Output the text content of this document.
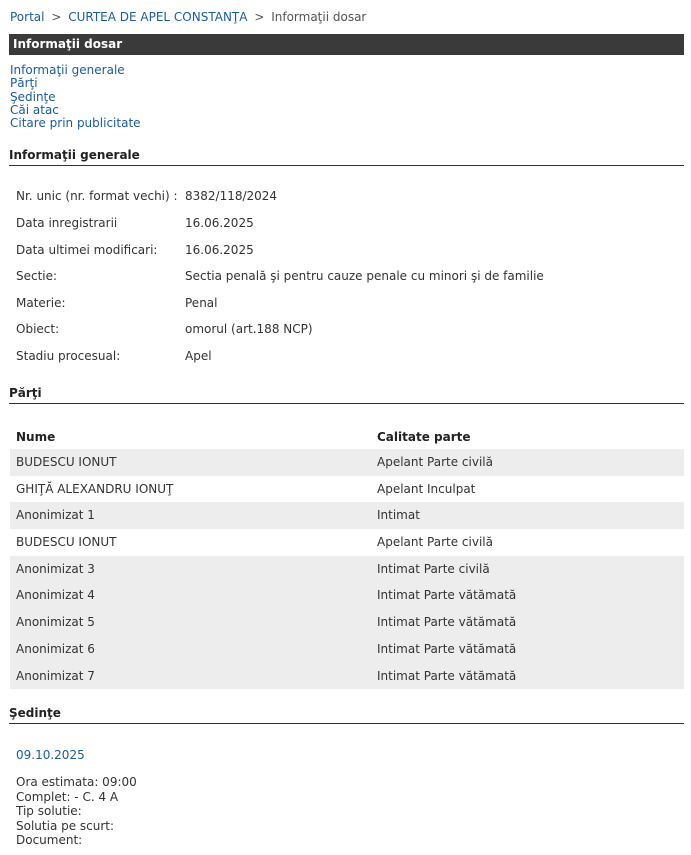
Portal > CURTEA DE APEL CONSTANŢA > Informaţii dosar
Informaţii dosar
Informaţii generale
Părţi
Şedinţe
Căi atac
Citare prin publicitate
Informaţii generale
Nr. unic (nr. format vechi) : 8382/118/2024
Data inregistrarii	16.06.2025
Data ultimei modificari:	16.06.2025
Sectie:	Sectia penală şi pentru cauze penale cu minori şi de familie
Materie:	Penal
Obiect:	omorul (art.188 NCP)
Stadiu procesual:	Apel
Părţi
Nume	Calitate parte
BUDESCU IONUT	Apelant Parte civilă
GHIŢĂ ALEXANDRU IONUŢ	Apelant Inculpat
Anonimizat 1	Intimat
BUDESCU IONUT	Apelant Parte civilă
Anonimizat 3	Intimat Parte civilă
Anonimizat 4	Intimat Parte vătămată
Anonimizat 5	Intimat Parte vătămată
Anonimizat 6	Intimat Parte vătămată
Anonimizat 7	Intimat Parte vătămată
Şedinţe
09.10.2025
Ora estimata: 09:00
Complet: - C. 4 A
Tip solutie:
Solutia pe scurt:
Document:
